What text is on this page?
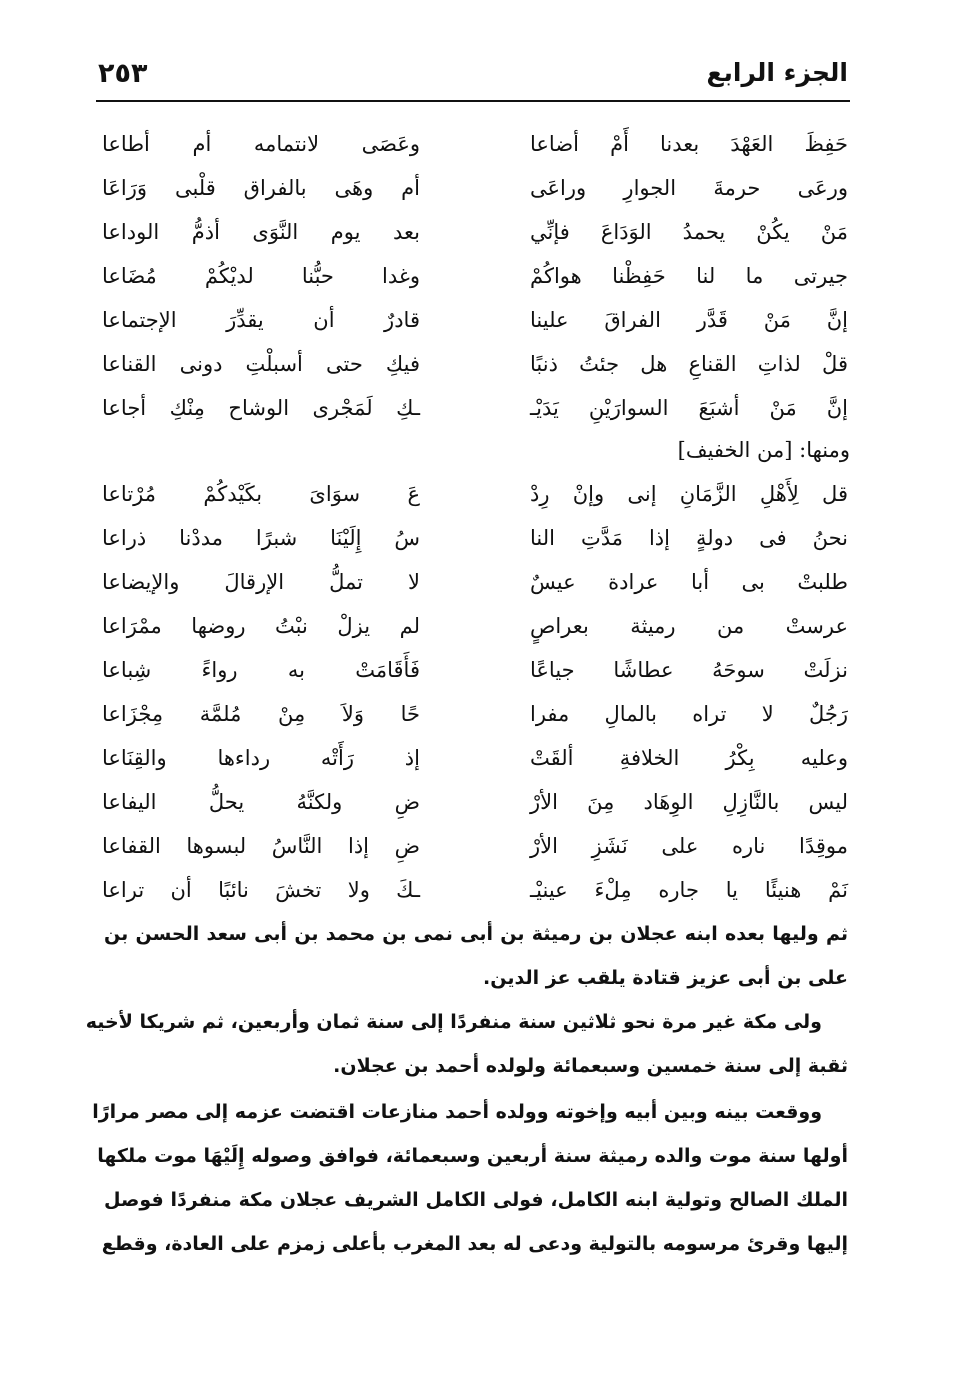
الجزء الرابع
٢٥٣
حَفِظَ العَهْدَ بعدنا أَمْ أضاعا
وعَصَى لانتمامه أم أطاعا
ورعَى حرمةَ الجوارِ وراعَى
أم وهَى بالفراق قلْبى وَرَاعَا
مَنْ يكُنْ يحمدُ الوَدَاعَ فإنِّي
بعد يوم النَّوَى أذمُّ الوداعا
جيرتى ما لنا حَفِظْنا هواكُمْ
وغدا حبُّنا لديْكُمْ مُضَاعا
إنَّ مَنْ قَدَّر الفراقَ علينا
قادرٌ أن يقدِّرَ الإجتماعا
قلْ لذاتِ القناعِ هل جئتُ ذنبًا
فيكِ حتى أسبلْتِ دونى القناعا
إنَّ مَنْ أشبَعَ السوارَيْنِ يَدَيْـ
ـكِ لَمَجْرى الوشاح مِنْكِ أجاعا
ومنها: [من الخفيف]
قل لِأَهْلِ الزَّمَانِ إنى وإنْ رِدْ
عَ سوَاىَ بكَيْدكُمْ مُرْتاعا
نحنُ فى دولةٍ إذا مَدَّتِ النا
سُ إِلَيْنَا شبرًا مددْنا ذراعا
طلبتْ بى أبا عرادة عيسٌ
لا تملُّ الإرقالَ والإيضاعا
عرستْ من رميثة بعراصٍ
لم يزلْ نبْتُ روضها ممْرَاعا
نزلَتْ سوحَهُ عطاشًا جياعًا
فَأَقَامَتْ به رواءً شِباعا
رَجُلٌ لا تراه بالمالِ مفرا
حًا وَلاَ مِنْ مُلمَّة مِجْزَاعا
وعليه بِكْرُ الخلافةِ ألقَتْ
إذ رَأَتْه رداءها والقِنَاعا
ليس بالنَّازِلِ الوِهَاد مِنَ الأرْ
ضِ ولكنَّهُ يحلُّ اليفاعا
موقِدًا ناره على نَشَزِ الأرْ
ضِ إذا النَّاسُ لبسوها القفاعا
نَمْ هنيئًا يا جاره مِلْءَ عينيْـ
ـكَ ولا تخشَ نائبًا أن تراعا
ثم وليها بعده ابنه عجلان بن رميثة بن أبى نمى بن محمد بن أبى سعد الحسن بن
على بن أبى عزيز قتادة يلقب عز الدين.
ولى مكة غير مرة نحو ثلاثين سنة منفردًا إلى سنة ثمان وأربعين، ثم شريكا لأخيه
ثقبة إلى سنة خمسين وسبعمائة ولولده أحمد بن عجلان.
ووقعت بينه وبين أبيه وإخوته وولده أحمد منازعات اقتضت عزمه إلى مصر مرارًا
أولها سنة موت والده رميثة سنة أربعين وسبعمائة، فوافق وصوله إِلَيْهَا موت ملكها
الملك الصالح وتولية ابنه الكامل، فولى الكامل الشريف عجلان مكة منفردًا فوصل
إليها وقرئ مرسومه بالتولية ودعى له بعد المغرب بأعلى زمزم على العادة، وقطع
